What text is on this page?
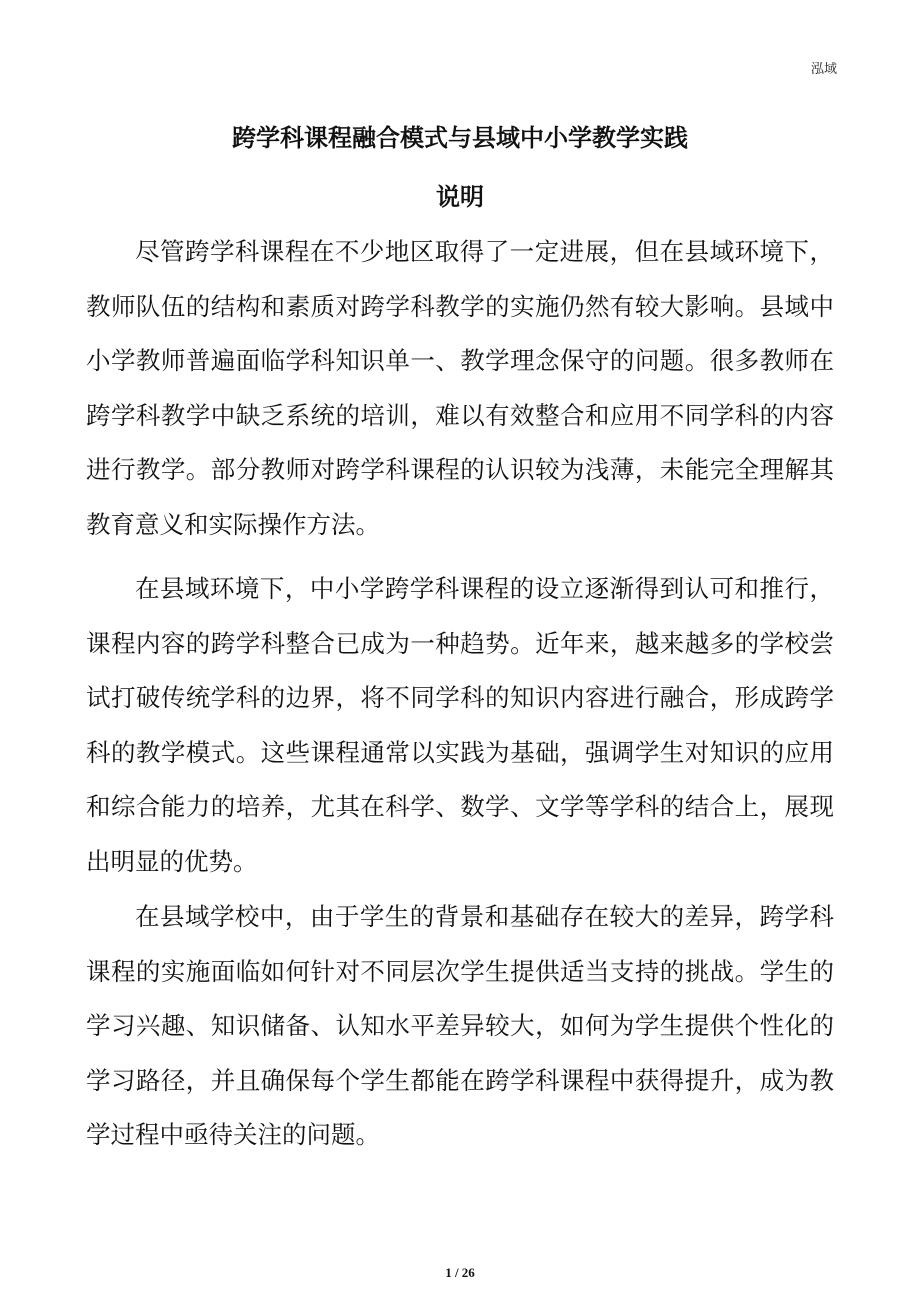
泓域
跨学科课程融合模式与县域中小学教学实践
说明

尽管跨学科课程在不少地区取得了一定进展，但在县域环境下，教师队伍的结构和素质对跨学科教学的实施仍然有较大影响。县域中小学教师普遍面临学科知识单一、教学理念保守的问题。很多教师在跨学科教学中缺乏系统的培训，难以有效整合和应用不同学科的内容进行教学。部分教师对跨学科课程的认识较为浅薄，未能完全理解其教育意义和实际操作方法。

在县域环境下，中小学跨学科课程的设立逐渐得到认可和推行，课程内容的跨学科整合已成为一种趋势。近年来，越来越多的学校尝试打破传统学科的边界，将不同学科的知识内容进行融合，形成跨学科的教学模式。这些课程通常以实践为基础，强调学生对知识的应用和综合能力的培养，尤其在科学、数学、文学等学科的结合上，展现出明显的优势。

在县域学校中，由于学生的背景和基础存在较大的差异，跨学科课程的实施面临如何针对不同层次学生提供适当支持的挑战。学生的学习兴趣、知识储备、认知水平差异较大，如何为学生提供个性化的学习路径，并且确保每个学生都能在跨学科课程中获得提升，成为教学过程中亟待关注的问题。

1 / 26
